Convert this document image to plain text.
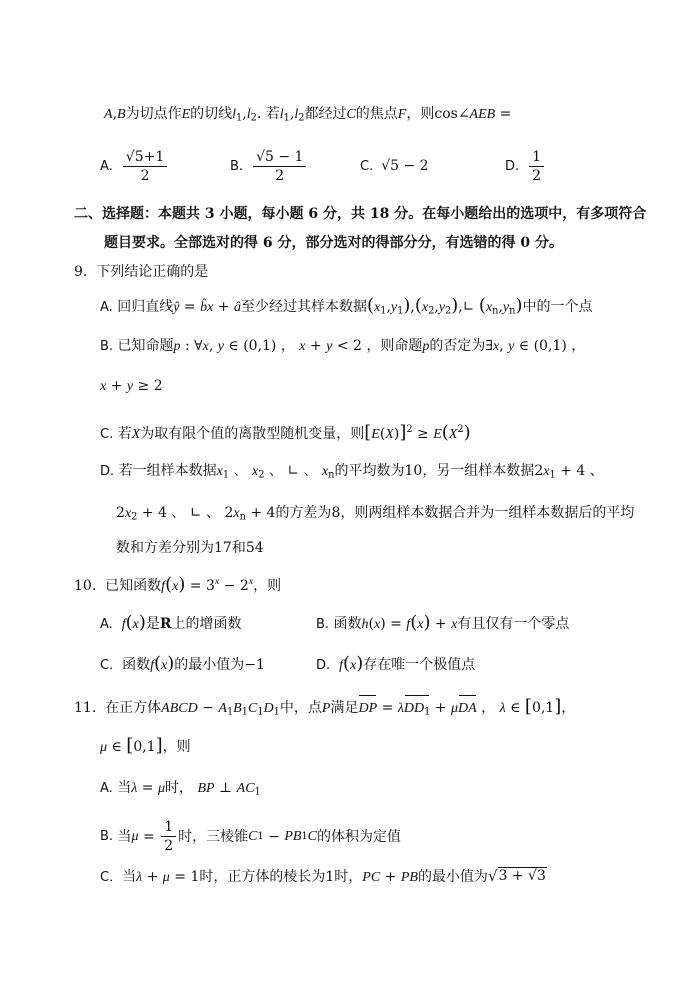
A,B为切点作E的切线$l_1,l_2$. 若$l_1,l_2$都经过C的焦点F，则cos∠AEB =
A. $\frac{√5+1}{2}$	B. $\frac{√5 - 1}{2}$	C. √5 − 2	D. $\frac{1}{2}$
二、选择题：本题共 3 小题，每小题 6 分，共 18 分。在每小题给出的选项中，有多项符合
题目要求。全部选对的得 6 分，部分选对的得部分分，有选错的得 0 分。
9. 下列结论正确的是
A. 回归直线ŷ = b̂x + â至少经过其样本数据$(x_1,y_1),(x_2,y_2),∟$ $(x_n,y_n)$中的一个点
B. 已知命题p : ∀x, y ∈ (0,1) ， x + y < 2 ，则命题p的否定为∃x, y ∈ (0,1) ，
x + y ≥ 2
C. 若X为取有限个值的离散型随机变量，则$[E(X)]^2 \ge E(X^2)$
D. 若一组样本数据$x_1$ 、 $x_2$ 、 ∟ 、 $x_n$的平均数为10，另一组样本数据$2x_1 + 4$ 、
$2x_2 + 4$ 、 ∟ 、 $2x_n + 4$的方差为8，则两组样本数据合并为一组样本数据后的平均
数和方差分别为17和54
10. 已知函数$f(x) = 3^x - 2^x$，则
A. f(x)是R上的增函数	B. 函数h(x) = f(x) + x有且仅有一个零点
C．函数f(x)的最小值为−1	D. f(x)存在唯一个极值点
11. 在正方体ABCD − $A_1B_1C_1D_1$中，点P满足DP = λDD$_1$ + μDA ， λ ∈ [0,1]，
μ ∈ [0,1]，则
A. 当λ = μ时， BP ⊥ $AC_1$
B.
当 $\mu = \frac{1}{2}$ 时，三棱锥 C 1 − PB 1 C 的体积为定值
C．当λ + μ = 1时，正方体的棱长为1时，PC + PB的最小值为 √ 3 + √3
